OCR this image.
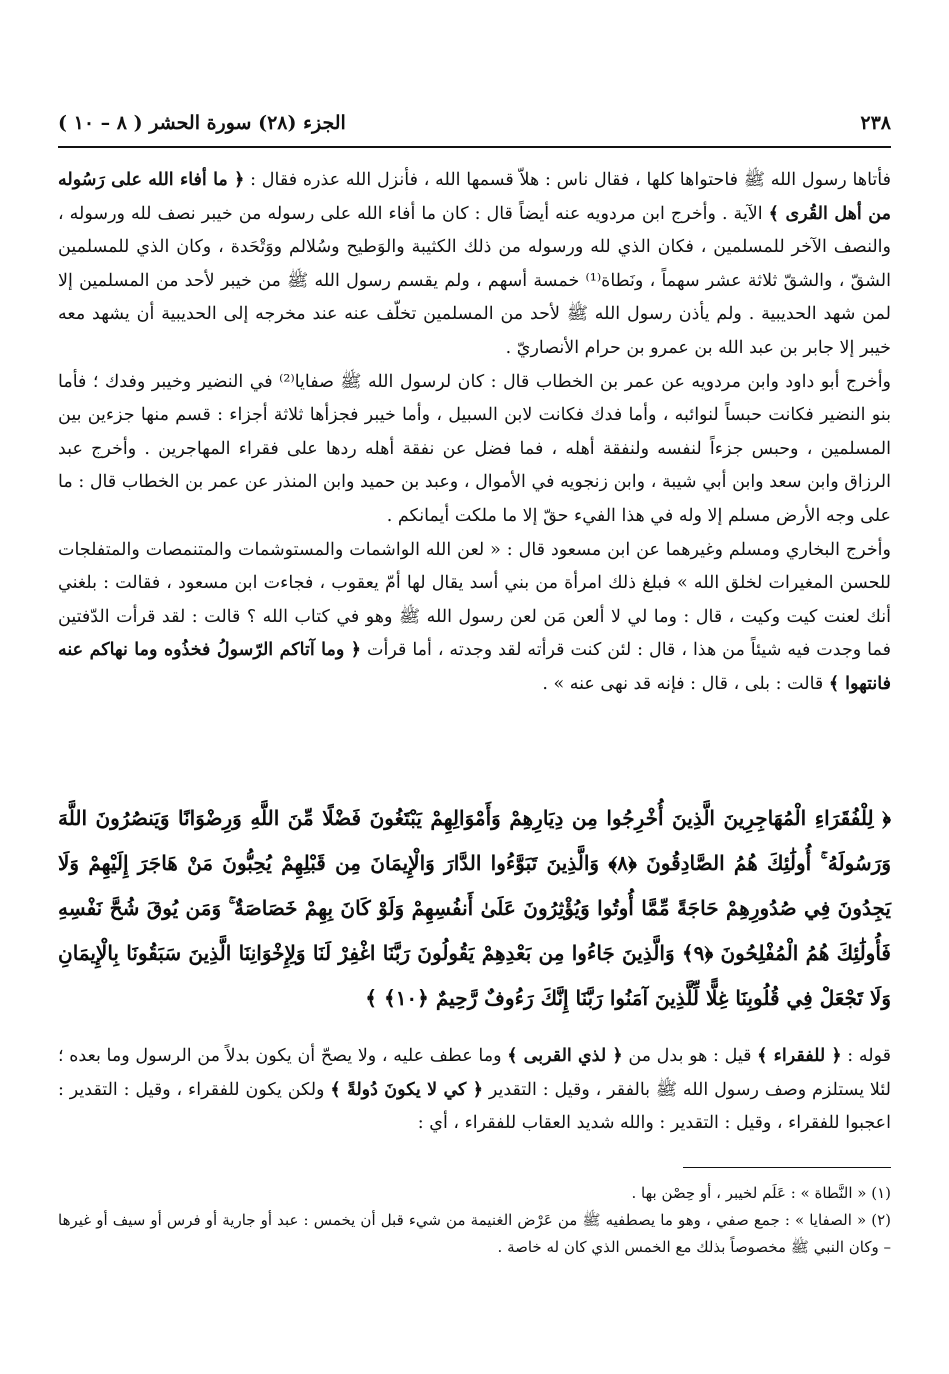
٢٣٨
الجزء (٢٨) سورة الحشر ( ٨ – ١٠ )

فأتاها رسول الله ﷺ فاحتواها كلها ، فقال ناس : هلاّ قسمها الله ، فأنزل الله عذره فقال : ﴿ ما أفاء الله على رَسُوله من أهل القُرى ﴾ الآية . وأخرج ابن مردويه عنه أيضاً قال : كان ما أفاء الله على رسوله من خيبر نصف لله ورسوله ، والنصف الآخر للمسلمين ، فكان الذي لله ورسوله من ذلك الكثيبة والوَطيح وسُلالم ووَتْحَدة ، وكان الذي للمسلمين الشقّ ، والشقّ ثلاثة عشر سهماً ، ونَطاة⁽¹⁾ خمسة أسهم ، ولم يقسم رسول الله ﷺ من خيبر لأحد من المسلمين إلا لمن شهد الحديبية . ولم يأذن رسول الله ﷺ لأحد من المسلمين تخلّف عنه عند مخرجه إلى الحديبية أن يشهد معه خيبر إلا جابر بن عبد الله بن عمرو بن حرام الأنصاريّ .

وأخرج أبو داود وابن مردويه عن عمر بن الخطاب قال : كان لرسول الله ﷺ صفايا⁽²⁾ في النضير وخيبر وفدك ؛ فأما بنو النضير فكانت حبساً لنوائبه ، وأما فدك فكانت لابن السبيل ، وأما خيبر فجزأها ثلاثة أجزاء : قسم منها جزءين بين المسلمين ، وحبس جزءاً لنفسه ولنفقة أهله ، فما فضل عن نفقة أهله ردها على فقراء المهاجرين . وأخرج عبد الرزاق وابن سعد وابن أبي شيبة ، وابن زنجويه في الأموال ، وعبد بن حميد وابن المنذر عن عمر بن الخطاب قال : ما على وجه الأرض مسلم إلا وله في هذا الفيء حقّ إلا ما ملكت أيمانكم .

وأخرج البخاري ومسلم وغيرهما عن ابن مسعود قال : « لعن الله الواشمات والمستوشمات والمتنمصات والمتفلجات للحسن المغيرات لخلق الله » فبلغ ذلك امرأة من بني أسد يقال لها أمّ يعقوب ، فجاءت ابن مسعود ، فقالت : بلغني أنك لعنت كيت وكيت ، قال : وما لي لا ألعن مَن لعن رسول الله ﷺ وهو في كتاب الله ؟ قالت : لقد قرأت الدّفتين فما وجدت فيه شيئاً من هذا ، قال : لئن كنت قرأته لقد وجدته ، أما قرأت ﴿ وما آتاكم الرّسولُ فخذُوه وما نهاكم عنه فانتهوا ﴾ قالت : بلى ، قال : فإنه قد نهى عنه » .

﴿ لِلْفُقَرَاءِ الْمُهَاجِرِينَ الَّذِينَ أُخْرِجُوا مِن دِيَارِهِمْ وَأَمْوَالِهِمْ يَبْتَغُونَ فَضْلًا مِّنَ اللَّهِ وَرِضْوَانًا وَيَنصُرُونَ اللَّهَ وَرَسُولَهُ ۚ أُولَٰئِكَ هُمُ الصَّادِقُونَ ﴿٨﴾ وَالَّذِينَ تَبَوَّءُوا الدَّارَ وَالْإِيمَانَ مِن قَبْلِهِمْ يُحِبُّونَ مَنْ هَاجَرَ إِلَيْهِمْ وَلَا يَجِدُونَ فِي صُدُورِهِمْ حَاجَةً مِّمَّا أُوتُوا وَيُؤْثِرُونَ عَلَىٰ أَنفُسِهِمْ وَلَوْ كَانَ بِهِمْ خَصَاصَةٌ ۚ وَمَن يُوقَ شُحَّ نَفْسِهِ فَأُولَٰئِكَ هُمُ الْمُفْلِحُونَ ﴿٩﴾ وَالَّذِينَ جَاءُوا مِن بَعْدِهِمْ يَقُولُونَ رَبَّنَا اغْفِرْ لَنَا وَلِإِخْوَانِنَا الَّذِينَ سَبَقُونَا بِالْإِيمَانِ وَلَا تَجْعَلْ فِي قُلُوبِنَا غِلًّا لِّلَّذِينَ آمَنُوا رَبَّنَا إِنَّكَ رَءُوفٌ رَّحِيمٌ ﴿١٠﴾ ﴾

قوله : ﴿ للفقراء ﴾ قيل : هو بدل من ﴿ لذي القربى ﴾ وما عطف عليه ، ولا يصحّ أن يكون بدلاً من الرسول وما بعده ؛ لئلا يستلزم وصف رسول الله ﷺ بالفقر ، وقيل : التقدير ﴿ كي لا يكونَ دُولةً ﴾ ولكن يكون للفقراء ، وقيل : التقدير : اعجبوا للفقراء ، وقيل : التقدير : والله شديد العقاب للفقراء ، أي :

(١) « النَّطاة » : عَلَم لخيبر ، أو حِصْن بها .

(٢) « الصفايا » : جمع صفي ، وهو ما يصطفيه ﷺ من عَرْض الغنيمة من شيء قبل أن يخمس : عبد أو جارية أو فرس أو سيف أو غيرها – وكان النبي ﷺ مخصوصاً بذلك مع الخمس الذي كان له خاصة .
